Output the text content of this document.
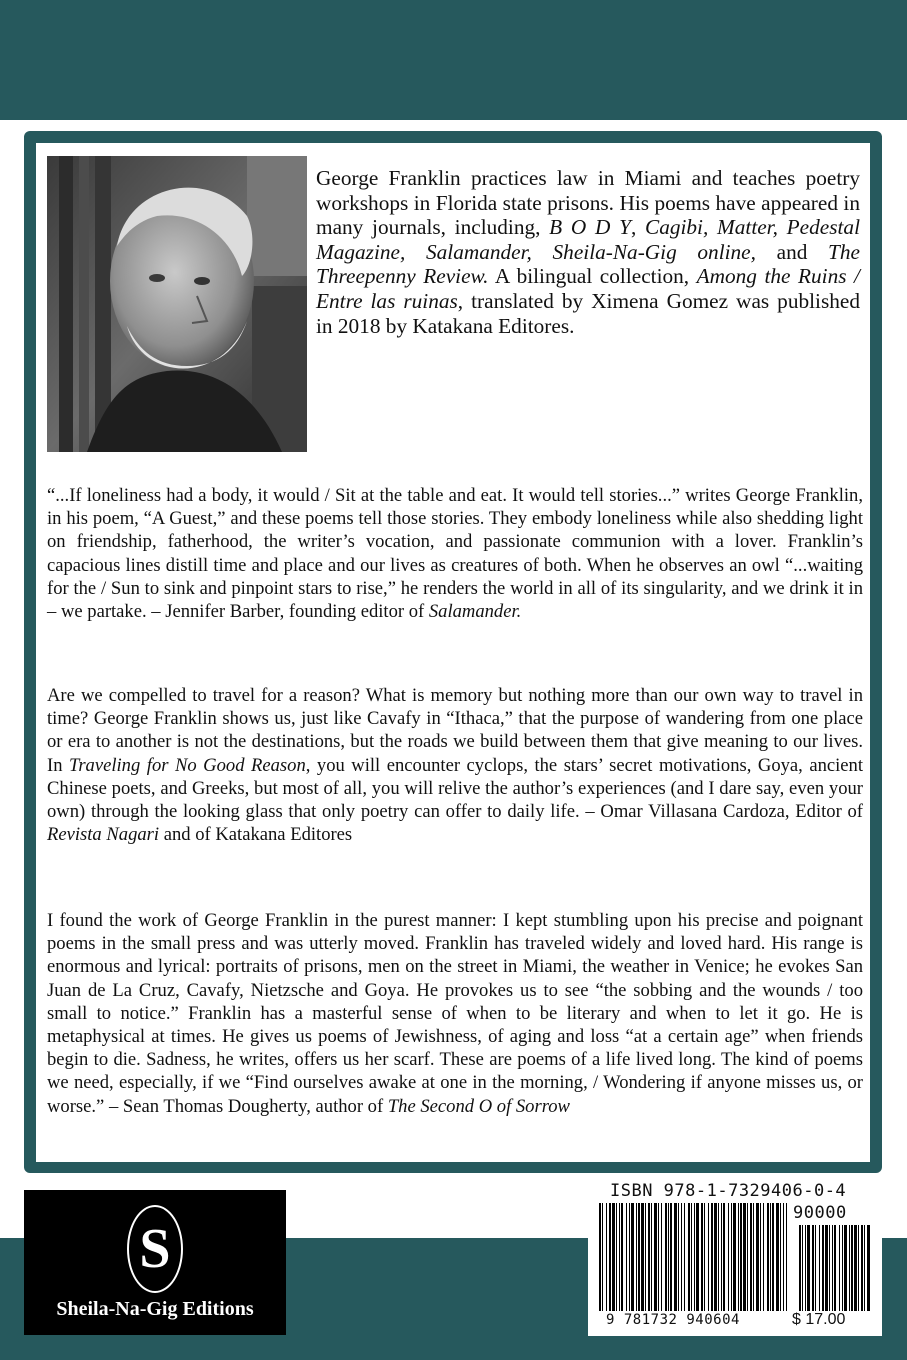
George Franklin practices law in Miami and teaches poetry workshops in Florida state prisons. His poems have appeared in many journals, including, B O D Y, Cagibi, Matter, Pedestal Magazine, Salamander, Sheila-Na-Gig online, and The Threepenny Review. A bilingual collection, Among the Ruins / Entre las ruinas, translated by Ximena Gomez was published in 2018 by Katakana Editores.
“...If loneliness had a body, it would / Sit at the table and eat. It would tell stories...” writes George Franklin, in his poem, “A Guest,” and these poems tell those stories. They embody loneliness while also shedding light on friendship, fatherhood, the writer’s vocation, and passionate communion with a lover. Franklin’s capacious lines distill time and place and our lives as creatures of both. When he observes an owl “...waiting for the / Sun to sink and pinpoint stars to rise,” he renders the world in all of its singularity, and we drink it in – we partake. – Jennifer Barber, founding editor of Salamander.
Are we compelled to travel for a reason? What is memory but nothing more than our own way to travel in time? George Franklin shows us, just like Cavafy in “Ithaca,” that the purpose of wandering from one place or era to another is not the destinations, but the roads we build between them that give meaning to our lives. In Traveling for No Good Reason, you will encounter cyclops, the stars’ secret motivations, Goya, ancient Chinese poets, and Greeks, but most of all, you will relive the author’s experiences (and I dare say, even your own) through the looking glass that only poetry can offer to daily life. – Omar Villasana Cardoza, Editor of Revista Nagari and of Katakana Editores
I found the work of George Franklin in the purest manner: I kept stumbling upon his precise and poignant poems in the small press and was utterly moved. Franklin has traveled widely and loved hard. His range is enormous and lyrical: portraits of prisons, men on the street in Miami, the weather in Venice; he evokes San Juan de La Cruz, Cavafy, Nietzsche and Goya. He provokes us to see “the sobbing and the wounds / too small to notice.” Franklin has a masterful sense of when to be literary and when to let it go. He is metaphysical at times. He gives us poems of Jewishness, of aging and loss “at a certain age” when friends begin to die. Sadness, he writes, offers us her scarf. These are poems of a life lived long. The kind of poems we need, especially, if we “Find ourselves awake at one in the morning, / Wondering if anyone misses us, or worse.” – Sean Thomas Dougherty, author of The Second O of Sorrow
S
Sheila-Na-Gig Editions
ISBN 978-1-7329406-0-4
90000
9 781732 940604	$ 17.00
